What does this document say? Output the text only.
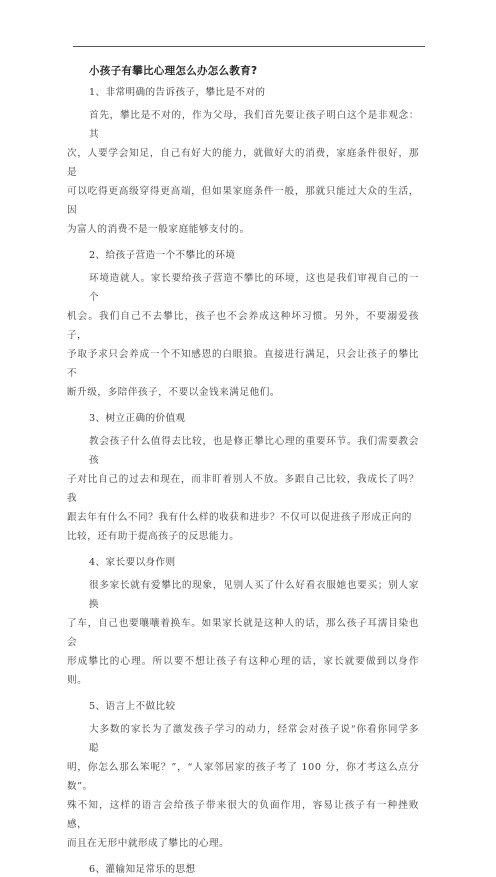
小孩子有攀比心理怎么办怎么教育?
1、非常明确的告诉孩子，攀比是不对的
首先，攀比是不对的，作为父母，我们首先要让孩子明白这个是非观念：其
次，人要学会知足，自己有好大的能力，就做好大的消费，家庭条件很好，那是
可以吃得更高级穿得更高端，但如果家庭条件一般，那就只能过大众的生活，因
为富人的消费不是一般家庭能够支付的。
2、给孩子营造一个不攀比的环境
环境造就人。家长要给孩子营造不攀比的环境，这也是我们审视自己的一个
机会。我们自己不去攀比，孩子也不会养成这种坏习惯。另外，不要溺爱孩子，
予取予求只会养成一个不知感恩的白眼狼。直接进行满足，只会让孩子的攀比不
断升级，多陪伴孩子，不要以金钱来满足他们。
3、树立正确的价值观
教会孩子什么值得去比较，也是修正攀比心理的重要环节。我们需要教会孩
子对比自己的过去和现在，而非盯着别人不放。多跟自己比较，我成长了吗？我
跟去年有什么不同？我有什么样的收获和进步？不仅可以促进孩子形成正向的
比较，还有助于提高孩子的反思能力。
4、家长要以身作则
很多家长就有爱攀比的现象，见别人买了什么好看衣服她也要买；别人家换
了车，自己也要嚷嚷着换车。如果家长就是这种人的话，那么孩子耳濡目染也会
形成攀比的心理。所以要不想让孩子有这种心理的话，家长就要做到以身作则。
5、语言上不做比较
大多数的家长为了激发孩子学习的动力，经常会对孩子说“你看你同学多聪
明，你怎么那么笨呢？”，“人家邻居家的孩子考了 100 分，你才考这么点分数”。
殊不知，这样的语言会给孩子带来很大的负面作用，容易让孩子有一种挫败感，
而且在无形中就形成了攀比的心理。
6、灌输知足常乐的思想
